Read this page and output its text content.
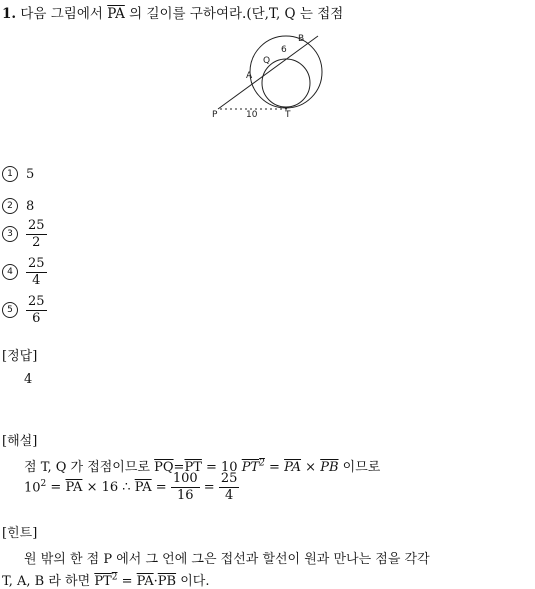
1. 다음 그림에서 $\overline{PA}$ 의 길이를 구하여라.(단,T, Q 는 접점
B
6
Q
A
P	10	T
1	5
2	8
3	$\frac{25}{2}$
4	$\frac{25}{4}$
5	$\frac{25}{6}$
[정답]
4
[해설]
점 T, Q 가 접점이므로 $\overline{PQ}=\overline{PT} = 10$ $PT^2 = \overline{PA} \times \overline{PB}$ 이므로
$10^2$
=
$\overline{PA}$
× 16 ∴
$\overline{PA}$
=
$\frac{100}{16}$
=
$\frac{25}{4}$
[힌트]
원 밖의 한 점 P 에서 그 언에 그은 접선과 할선이 원과 만나는 점을 각각
T, A, B 라 하면 $PT^2 = \overline{PA}\cdot\overline{PB}$ 이다.
